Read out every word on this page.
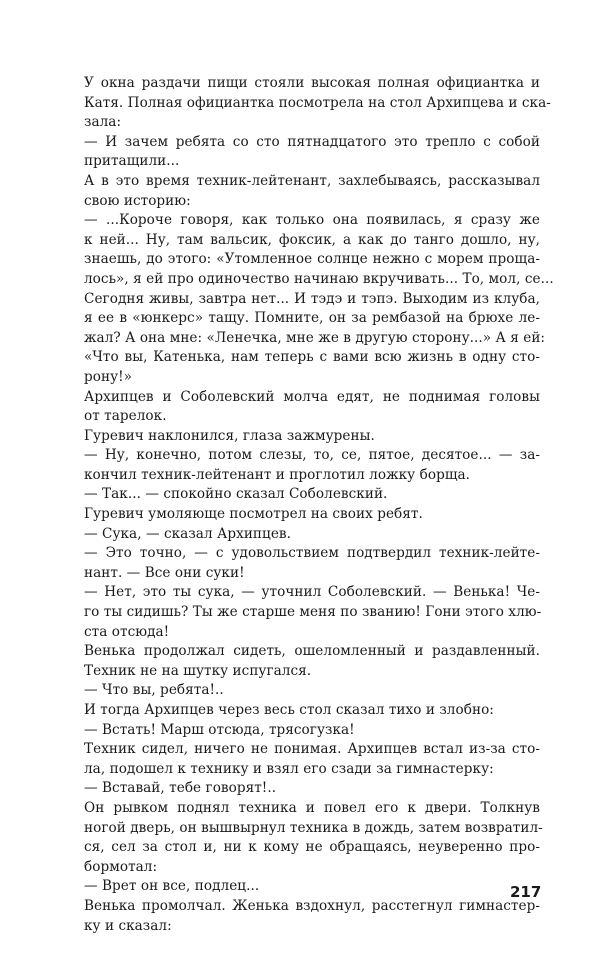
У окна раздачи пищи стояли высокая полная официантка и
Катя. Полная официантка посмотрела на стол Архипцева и ска-
зала:
— И зачем ребята со сто пятнадцатого это трепло с собой
притащили...
А в это время техник-лейтенант, захлебываясь, рассказывал
свою историю:
— ...Короче говоря, как только она появилась, я сразу же
к ней... Ну, там вальсик, фоксик, а как до танго дошло, ну,
знаешь, до этого: «Утомленное солнце нежно с морем проща-
лось», я ей про одиночество начинаю вкручивать... То, мол, се...
Сегодня живы, завтра нет... И тэдэ и тэпэ. Выходим из клуба,
я ее в «юнкерс» тащу. Помните, он за рембазой на брюхе ле-
жал? А она мне: «Ленечка, мне же в другую сторону...» А я ей:
«Что вы, Катенька, нам теперь с вами всю жизнь в одну сто-
рону!»
Архипцев и Соболевский молча едят, не поднимая головы
от тарелок.
Гуревич наклонился, глаза зажмурены.
— Ну, конечно, потом слезы, то, се, пятое, десятое... — за-
кончил техник-лейтенант и проглотил ложку борща.
— Так... — спокойно сказал Соболевский.
Гуревич умоляюще посмотрел на своих ребят.
— Сука, — сказал Архипцев.
— Это точно, — с удовольствием подтвердил техник-лейте-
нант. — Все они суки!
— Нет, это ты сука, — уточнил Соболевский. — Венька! Че-
го ты сидишь? Ты же старше меня по званию! Гони этого хлю-
ста отсюда!
Венька продолжал сидеть, ошеломленный и раздавленный.
Техник не на шутку испугался.
— Что вы, ребята!..
И тогда Архипцев через весь стол сказал тихо и злобно:
— Встать! Марш отсюда, трясогузка!
Техник сидел, ничего не понимая. Архипцев встал из-за сто-
ла, подошел к технику и взял его сзади за гимнастерку:
— Вставай, тебе говорят!..
Он рывком поднял техника и повел его к двери. Толкнув
ногой дверь, он вышвырнул техника в дождь, затем возвратил-
ся, сел за стол и, ни к кому не обращаясь, неуверенно про-
бормотал:
— Врет он все, подлец...
Венька промолчал. Женька вздохнул, расстегнул гимнастер-
ку и сказал:
217
